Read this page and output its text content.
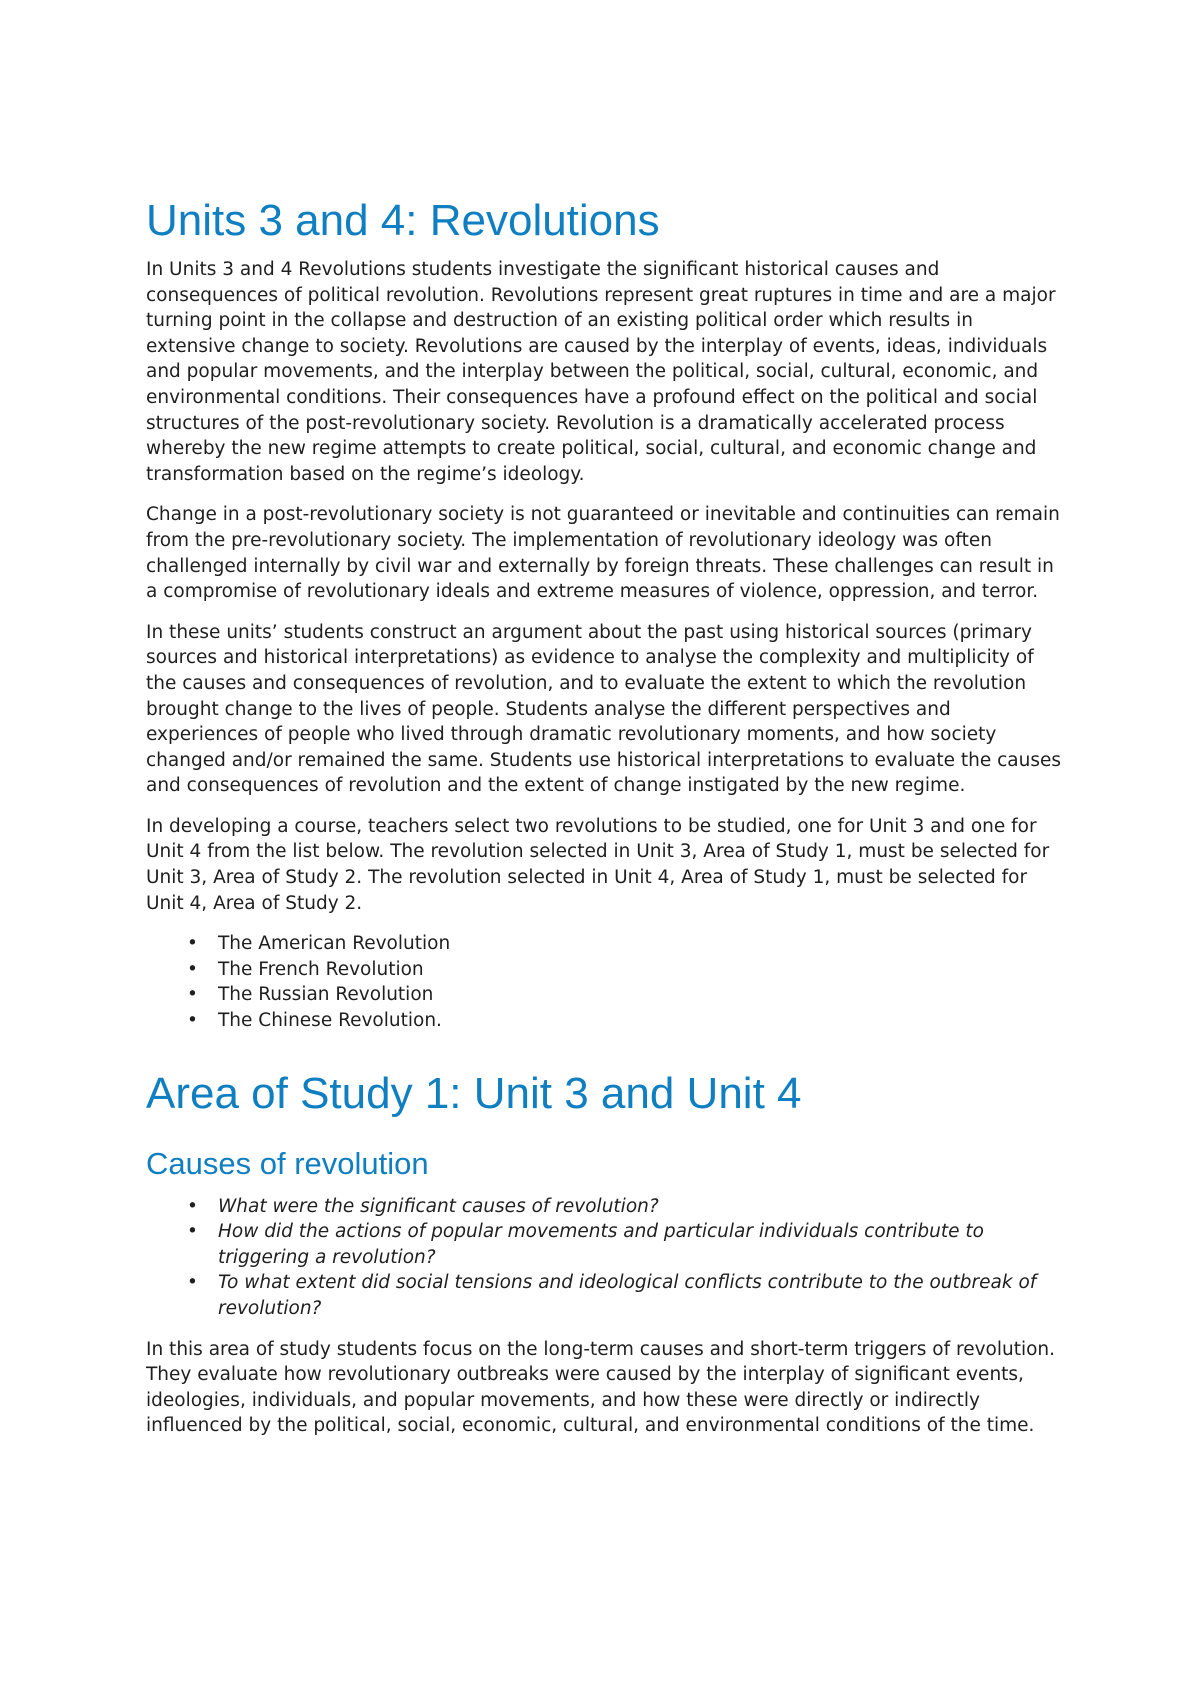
Units 3 and 4: Revolutions

In Units 3 and 4 Revolutions students investigate the significant historical causes and consequences of political revolution. Revolutions represent great ruptures in time and are a major turning point in the collapse and destruction of an existing political order which results in extensive change to society. Revolutions are caused by the interplay of events, ideas, individuals and popular movements, and the interplay between the political, social, cultural, economic, and environmental conditions. Their consequences have a profound effect on the political and social structures of the post-revolutionary society. Revolution is a dramatically accelerated process whereby the new regime attempts to create political, social, cultural, and economic change and transformation based on the regime’s ideology.

Change in a post-revolutionary society is not guaranteed or inevitable and continuities can remain from the pre-revolutionary society. The implementation of revolutionary ideology was often challenged internally by civil war and externally by foreign threats. These challenges can result in a compromise of revolutionary ideals and extreme measures of violence, oppression, and terror.

In these units’ students construct an argument about the past using historical sources (primary sources and historical interpretations) as evidence to analyse the complexity and multiplicity of the causes and consequences of revolution, and to evaluate the extent to which the revolution brought change to the lives of people. Students analyse the different perspectives and experiences of people who lived through dramatic revolutionary moments, and how society changed and/or remained the same. Students use historical interpretations to evaluate the causes and consequences of revolution and the extent of change instigated by the new regime.

In developing a course, teachers select two revolutions to be studied, one for Unit 3 and one for Unit 4 from the list below. The revolution selected in Unit 3, Area of Study 1, must be selected for Unit 3, Area of Study 2. The revolution selected in Unit 4, Area of Study 1, must be selected for Unit 4, Area of Study 2.

• The American Revolution
• The French Revolution
• The Russian Revolution
• The Chinese Revolution.
Area of Study 1: Unit 3 and Unit 4
Causes of revolution
• What were the significant causes of revolution?
• How did the actions of popular movements and particular individuals contribute to triggering a revolution?
• To what extent did social tensions and ideological conflicts contribute to the outbreak of revolution?

In this area of study students focus on the long-term causes and short-term triggers of revolution. They evaluate how revolutionary outbreaks were caused by the interplay of significant events, ideologies, individuals, and popular movements, and how these were directly or indirectly influenced by the political, social, economic, cultural, and environmental conditions of the time.
